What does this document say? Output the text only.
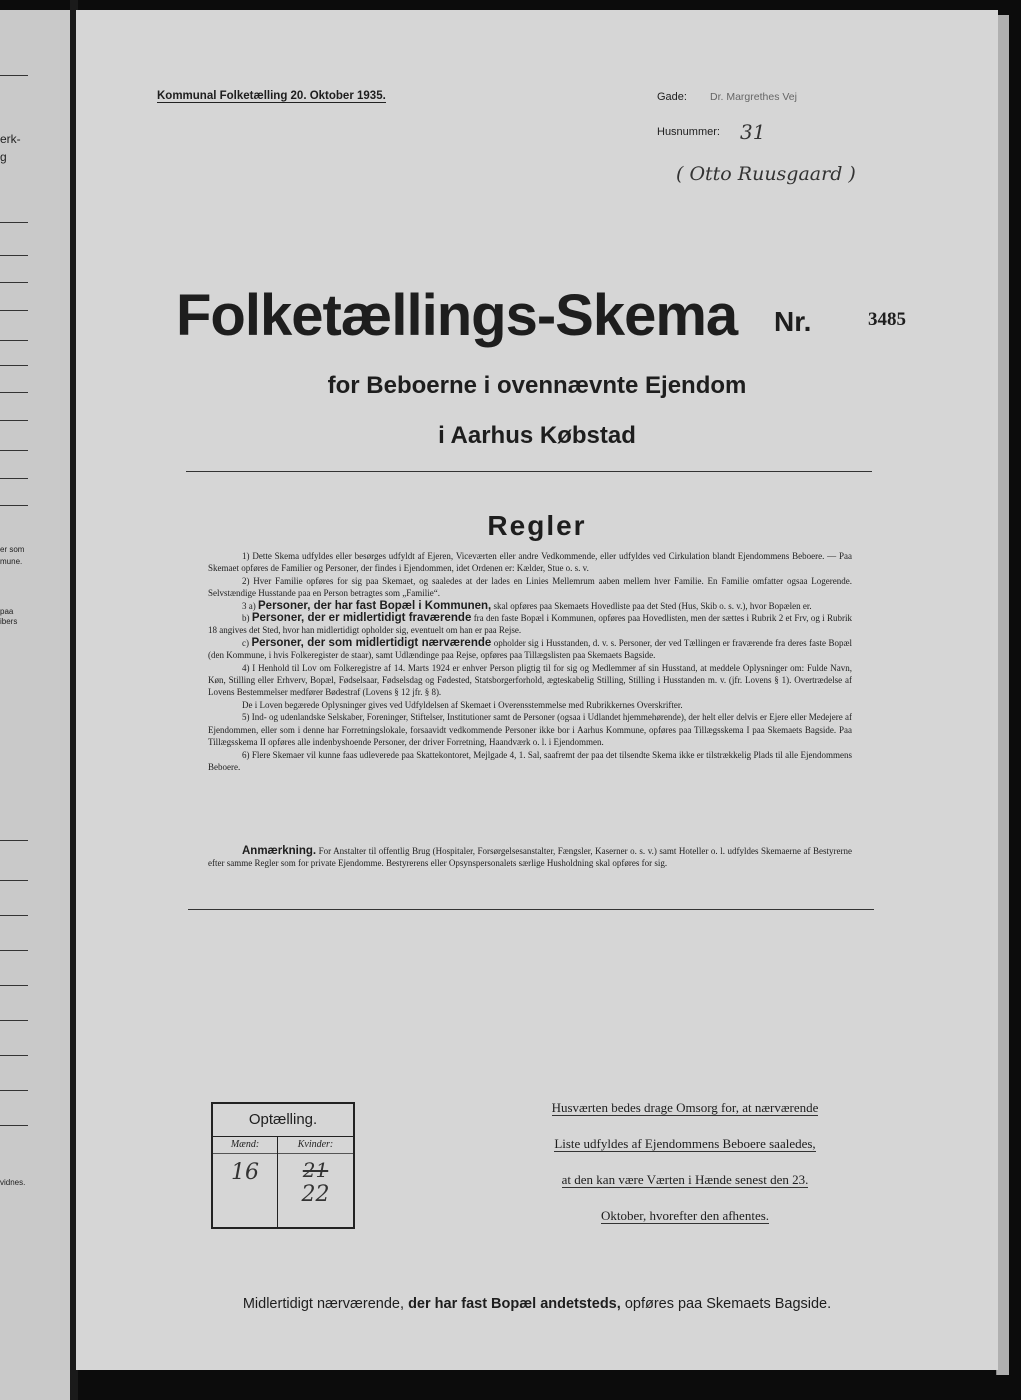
erk-
g
er som
mune.
paa
ibers
vidnes.
Kommunal Folketælling 20. Oktober 1935.	Gade: Dr. Margrethes Vej
Husnummer: 31
( Otto Ruusgaard )
Folketællings-Skema Nr.	3485
for Beboerne i ovennævnte Ejendom
i Aarhus Købstad
Regler

1) Dette Skema udfyldes eller besørges udfyldt af Ejeren, Viceværten eller andre Vedkommende, eller udfyldes ved Cirkulation blandt Ejendommens Beboere. — Paa Skemaet opføres de Familier og Personer, der findes i Ejendommen, idet Ordenen er: Kælder, Stue o. s. v.

2) Hver Familie opføres for sig paa Skemaet, og saaledes at der lades en Linies Mellemrum aaben mellem hver Familie. En Familie omfatter ogsaa Logerende. Selvstændige Husstande paa en Person betragtes som „Familie“.

3 a) Personer, der har fast Bopæl i Kommunen, skal opføres paa Skemaets Hovedliste paa det Sted (Hus, Skib o. s. v.), hvor Bopælen er.

b) Personer, der er midlertidigt fraværende fra den faste Bopæl i Kommunen, opføres paa Hovedlisten, men der sættes i Rubrik 2 et Frv, og i Rubrik 18 angives det Sted, hvor han midlertidigt opholder sig, eventuelt om han er paa Rejse.

c) Personer, der som midlertidigt nærværende opholder sig i Husstanden, d. v. s. Personer, der ved Tællingen er fraværende fra deres faste Bopæl (den Kommune, i hvis Folkeregister de staar), samt Udlændinge paa Rejse, opføres paa Tillægslisten paa Skemaets Bagside.

4) I Henhold til Lov om Folkeregistre af 14. Marts 1924 er enhver Person pligtig til for sig og Medlemmer af sin Husstand, at meddele Oplysninger om: Fulde Navn, Køn, Stilling eller Erhverv, Bopæl, Fødselsaar, Fødselsdag og Fødested, Statsborgerforhold, ægteskabelig Stilling, Stilling i Husstanden m. v. (jfr. Lovens § 1). Overtrædelse af Lovens Bestemmelser medfører Bødestraf (Lovens § 12 jfr. § 8).

De i Loven begærede Oplysninger gives ved Udfyldelsen af Skemaet i Overensstemmelse med Rubrikkernes Overskrifter.

5) Ind- og udenlandske Selskaber, Foreninger, Stiftelser, Institutioner samt de Personer (ogsaa i Udlandet hjemmehørende), der helt eller delvis er Ejere eller Medejere af Ejendommen, eller som i denne har Forretningslokale, forsaavidt vedkommende Personer ikke bor i Aarhus Kommune, opføres paa Tillægsskema I paa Skemaets Bagside. Paa Tillægsskema II opføres alle indenbyshoende Personer, der driver Forretning, Haandværk o. l. i Ejendommen.

6) Flere Skemaer vil kunne faas udleverede paa Skattekontoret, Mejlgade 4, 1. Sal, saafremt der paa det tilsendte Skema ikke er tilstrækkelig Plads til alle Ejendommens Beboere.

Anmærkning. For Anstalter til offentlig Brug (Hospitaler, Forsørgelsesanstalter, Fængsler, Kaserner o. s. v.) samt Hoteller o. l. udfyldes Skemaerne af Bestyrerne efter samme Regler som for private Ejendomme. Bestyrerens eller Opsynspersonalets særlige Husholdning skal opføres for sig.

Optælling.
Mænd:
16
Kvinder:
21
22
Husværten bedes drage Omsorg for, at nærværende
Liste udfyldes af Ejendommens Beboere saaledes,
at den kan være Værten i Hænde senest den 23.
Oktober, hvorefter den afhentes.
Midlertidigt nærværende, der har fast Bopæl andetsteds, opføres paa Skemaets Bagside.
